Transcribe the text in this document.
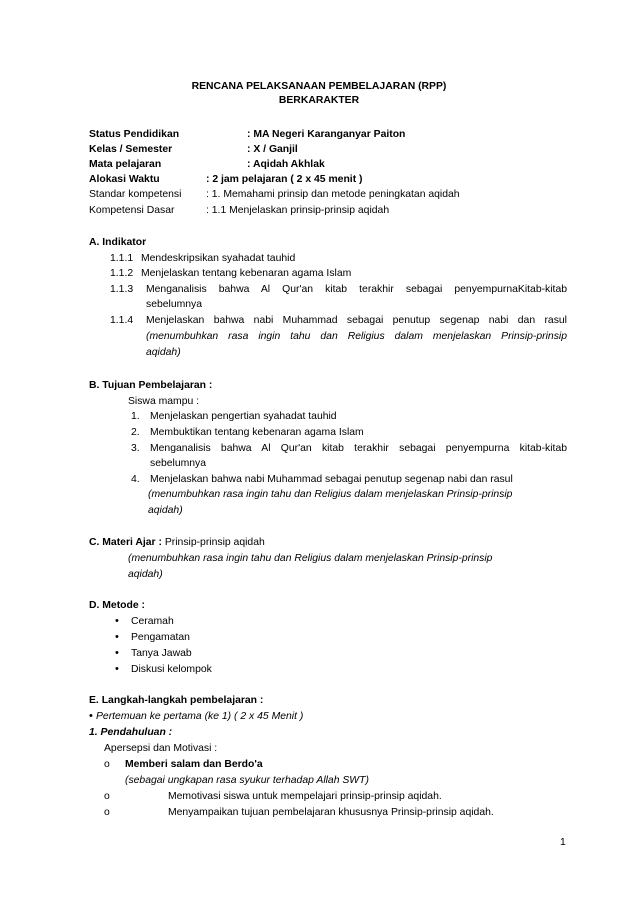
RENCANA PELAKSANAAN PEMBELAJARAN (RPP)
BERKARAKTER
Status Pendidikan	: MA Negeri Karanganyar Paiton
Kelas / Semester	: X / Ganjil
Mata pelajaran	: Aqidah Akhlak
Alokasi Waktu	: 2 jam pelajaran ( 2 x 45 menit )
Standar kompetensi : 1. Memahami prinsip dan metode peningkatan aqidah
Kompetensi Dasar	: 1.1 Menjelaskan prinsip-prinsip aqidah
A. Indikator
1.1.1 Mendeskripsikan syahadat tauhid
1.1.2 Menjelaskan tentang kebenaran agama Islam
1.1.3 Menganalisis bahwa Al Qur'an kitab terakhir sebagai penyempurnaKitab-kitab
sebelumnya
1.1.4 Menjelaskan bahwa nabi Muhammad sebagai penutup segenap nabi dan rasul
(menumbuhkan rasa ingin tahu dan Religius dalam menjelaskan Prinsip-prinsip
aqidah)
B. Tujuan Pembelajaran :
Siswa mampu :
1. Menjelaskan pengertian syahadat tauhid
2. Membuktikan tentang kebenaran agama Islam
3. Menganalisis bahwa Al Qur'an kitab terakhir sebagai penyempurna kitab-kitab
sebelumnya
4. Menjelaskan bahwa nabi Muhammad sebagai penutup segenap nabi dan rasul
(menumbuhkan rasa ingin tahu dan Religius dalam menjelaskan Prinsip-prinsip
aqidah)
C. Materi Ajar : Prinsip-prinsip aqidah
(menumbuhkan rasa ingin tahu dan Religius dalam menjelaskan Prinsip-prinsip
aqidah)
D. Metode :
• Ceramah
• Pengamatan
• Tanya Jawab
• Diskusi kelompok
E. Langkah-langkah pembelajaran :
• Pertemuan ke pertama (ke 1) ( 2 x 45 Menit )
1. Pendahuluan :
Apersepsi dan Motivasi :
o Memberi salam dan Berdo'a
(sebagai ungkapan rasa syukur terhadap Allah SWT)
o	Memotivasi siswa untuk mempelajari prinsip-prinsip aqidah.
o	Menyampaikan tujuan pembelajaran khususnya Prinsip-prinsip aqidah.
1
